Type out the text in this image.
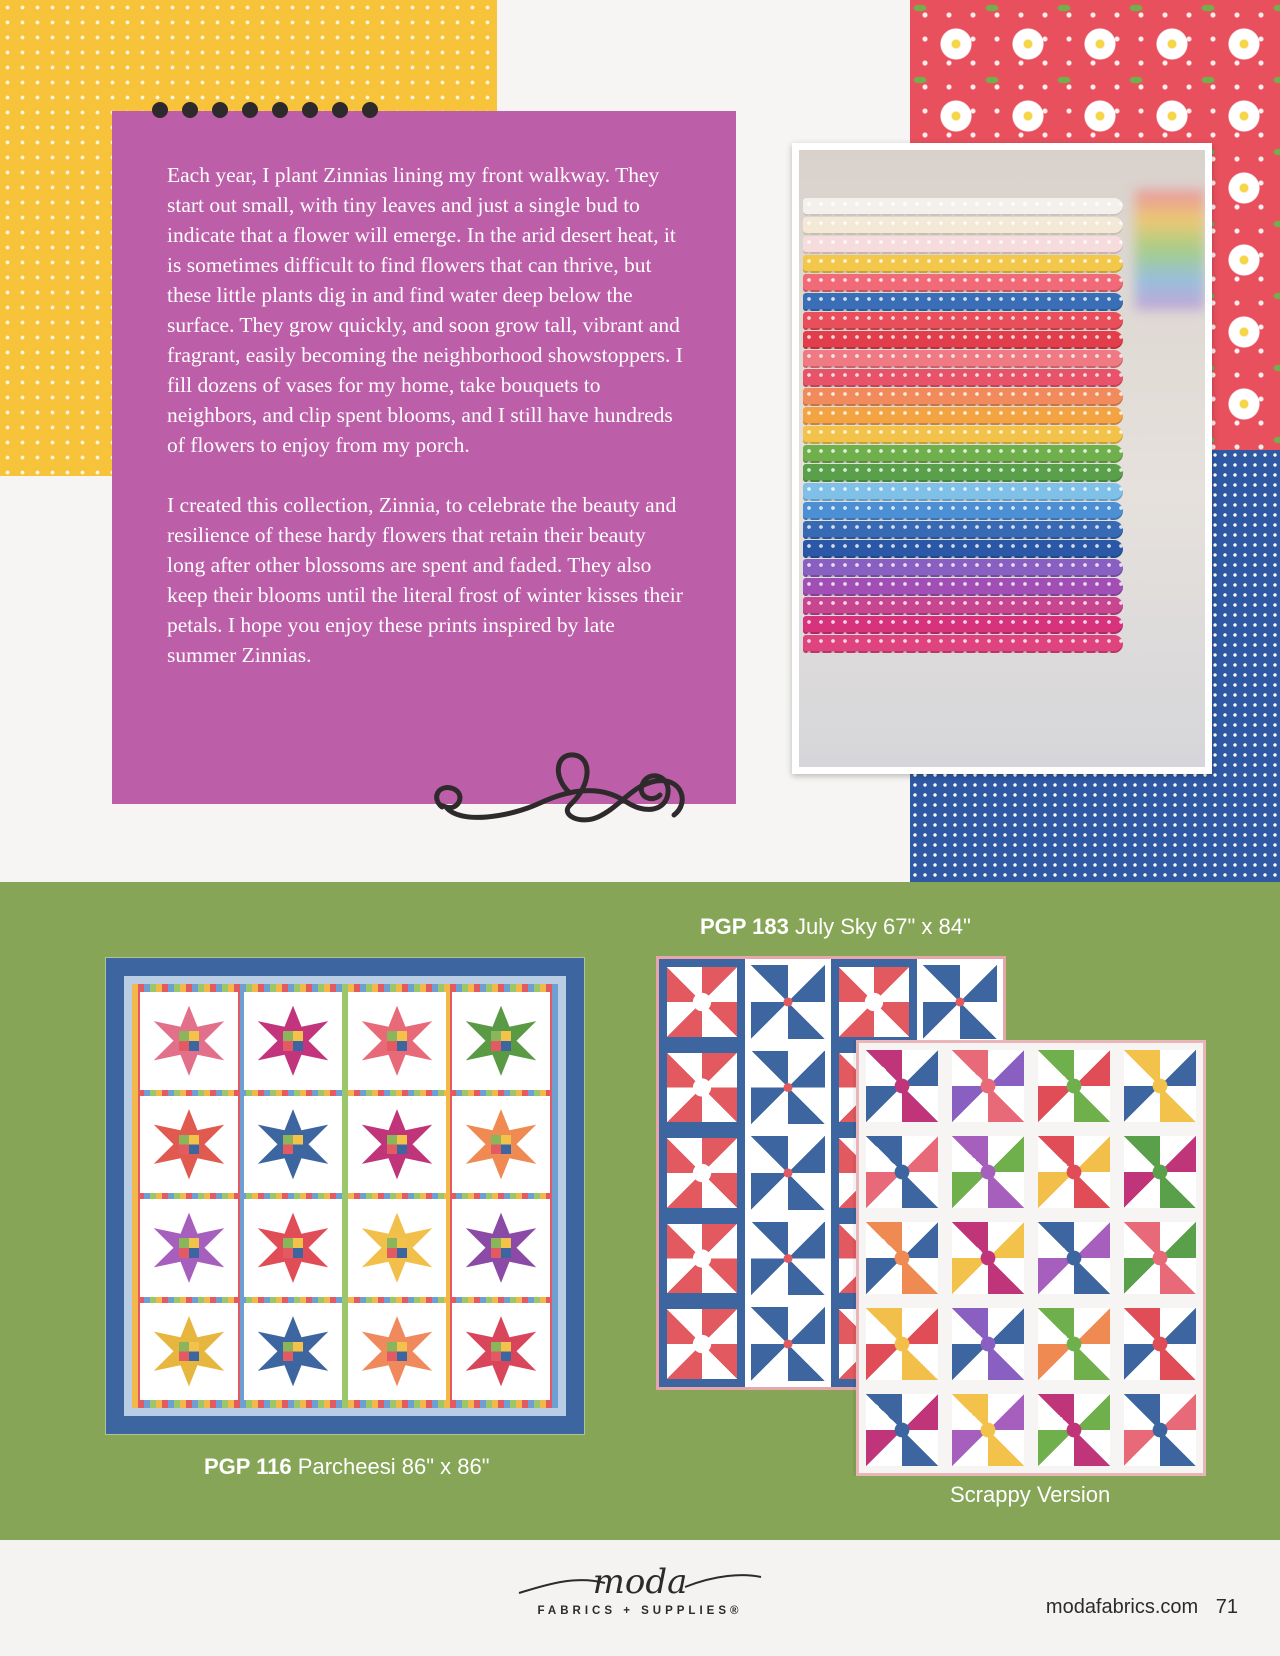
Each year, I plant Zinnias lining my front walkway. They start out small, with tiny leaves and just a single bud to indicate that a flower will emerge. In the arid desert heat, it is sometimes difficult to find flowers that can thrive, but these little plants dig in and find water deep below the surface. They grow quickly, and soon grow tall, vibrant and fragrant, easily becoming the neighborhood showstoppers. I fill dozens of vases for my home, take bouquets to neighbors, and clip spent blooms, and I still have hundreds of flowers to enjoy from my porch.

I created this collection, Zinnia, to celebrate the beauty and resilience of these hardy flowers that retain their beauty long after other blossoms are spent and faded. They also keep their blooms until the literal frost of winter kisses their petals. I hope you enjoy these prints inspired by late summer Zinnias.

PGP 183 July Sky 67" x 84"
PGP 116 Parcheesi 86" x 86"
Scrappy Version
moda
FABRICS + SUPPLIES®	modafabrics.com 71
